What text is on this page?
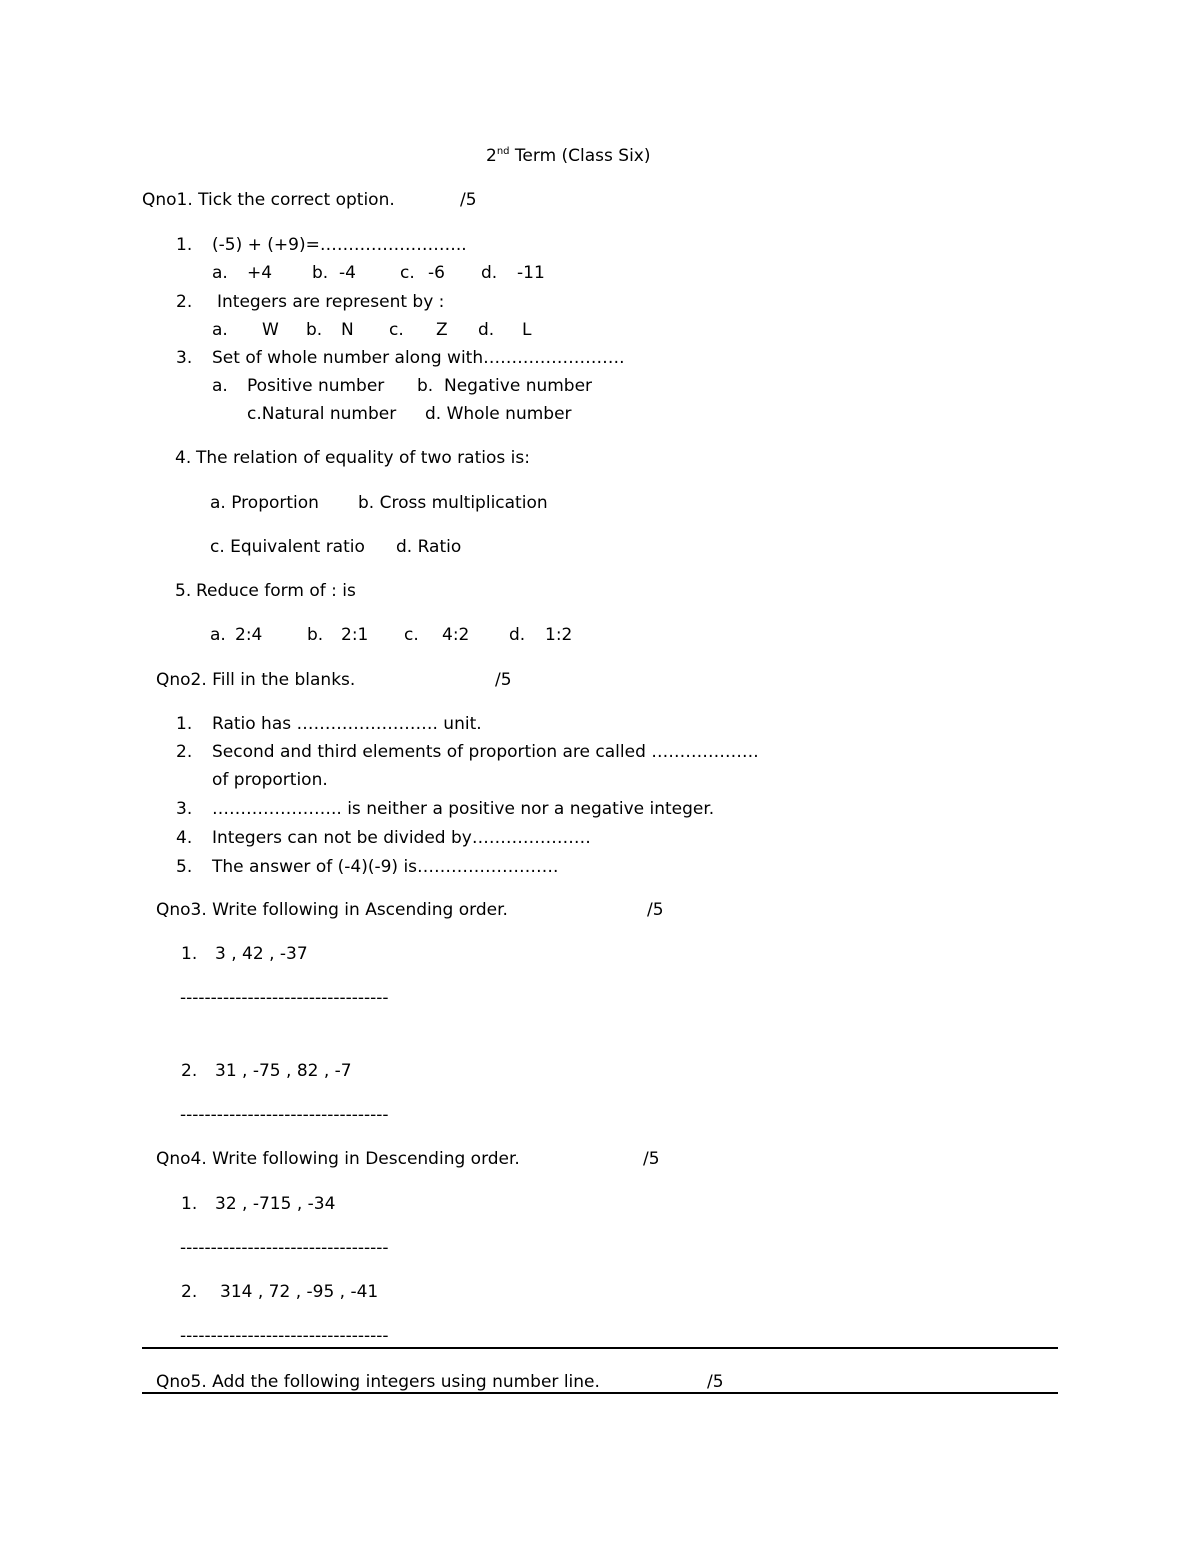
2nd Term (Class Six)
Qno1. Tick the correct option.	/5
1. (-5) + (+9)=……………………..
a. +4 b. -4	c. -6 d. -11
2. Integers are represent by :
a. W b. N c. Z d. L
3. Set of whole number along with…………………….
a. Positive number b. Negative number
c.Natural number d. Whole number
4. The relation of equality of two ratios is:
a. Proportion b. Cross multiplication
c. Equivalent ratio d. Ratio
5. Reduce form of : is
a. 2:4	b. 2:1 c. 4:2 d. 1:2
Qno2. Fill in the blanks.	/5
1. Ratio has ……………………. unit.
2. Second and third elements of proportion are called ……………….
of proportion.
3. ………………….. is neither a positive nor a negative integer.
4. Integers can not be divided by…………………
5. The answer of (-4)(-9) is…………………….
Qno3. Write following in Ascending order.	/5
1. 3 , 42 , -37
----------------------------------
2. 31 , -75 , 82 , -7
----------------------------------
Qno4. Write following in Descending order.	/5
1. 32 , -715 , -34
----------------------------------
2. 314 , 72 , -95 , -41
----------------------------------
Qno5. Add the following integers using number line.	/5
